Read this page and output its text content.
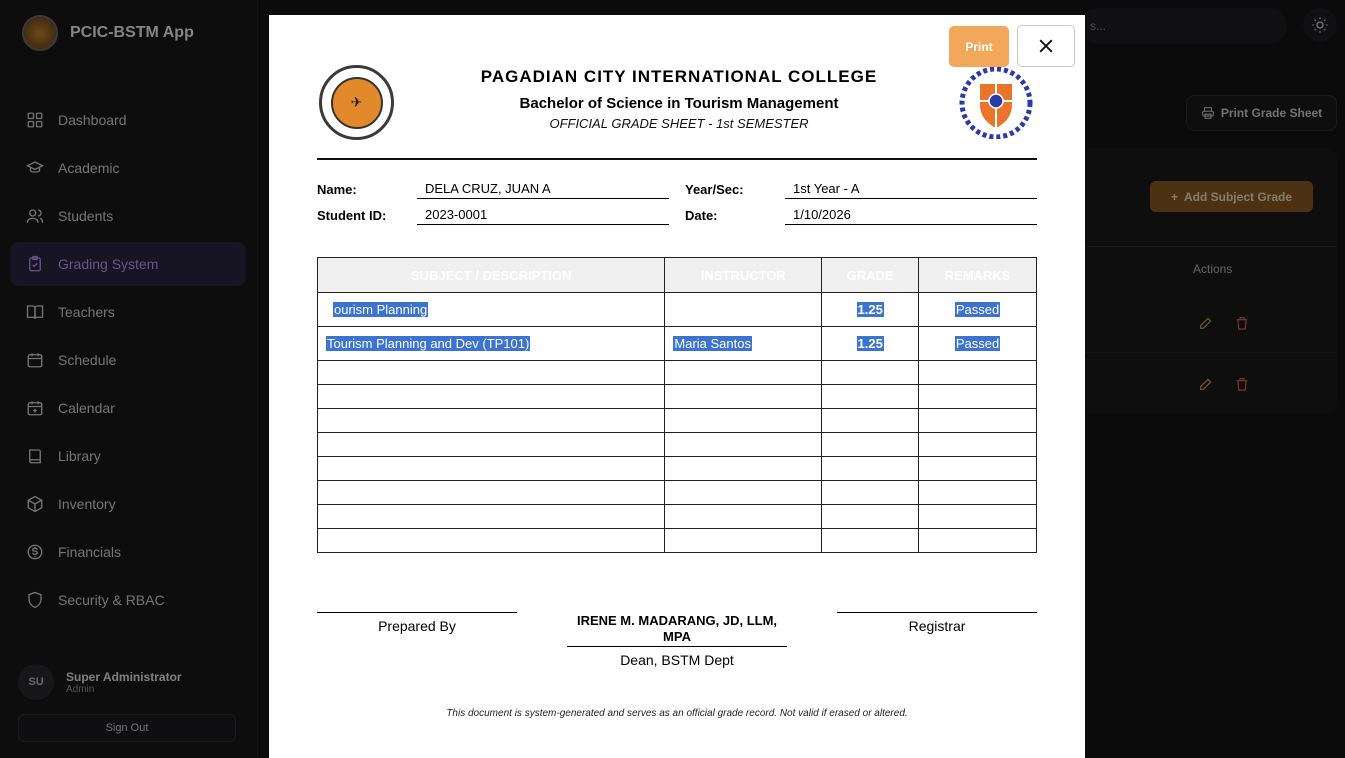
PCIC-BSTM App
Dashboard
Academic
Students
Grading System
Teachers
Schedule
Calendar
Library
Inventory
Financials
Security & RBAC
SU	Super Administrator
Admin
Sign Out
s...
Print Grade Sheet
+ Add Subject Grade
Actions
Print
✈
PAGADIAN CITY INTERNATIONAL COLLEGE
Bachelor of Science in Tourism Management
OFFICIAL GRADE SHEET - 1st SEMESTER
Name:	DELA CRUZ, JUAN A
Student ID:	2023-0001
Year/Sec:	1st Year - A
Date:	1/10/2026
SUBJECT / DESCRIPTION	INSTRUCTOR	GRADE	REMARKS
ourism Planning		1.25	Passed
Tourism Planning and Dev (TP101)	Maria Santos	1.25	Passed

Prepared By	IRENE M. MADARANG, JD, LLM, MPA
Dean, BSTM Dept
Registrar
This document is system-generated and serves as an official grade record. Not valid if erased or altered.
